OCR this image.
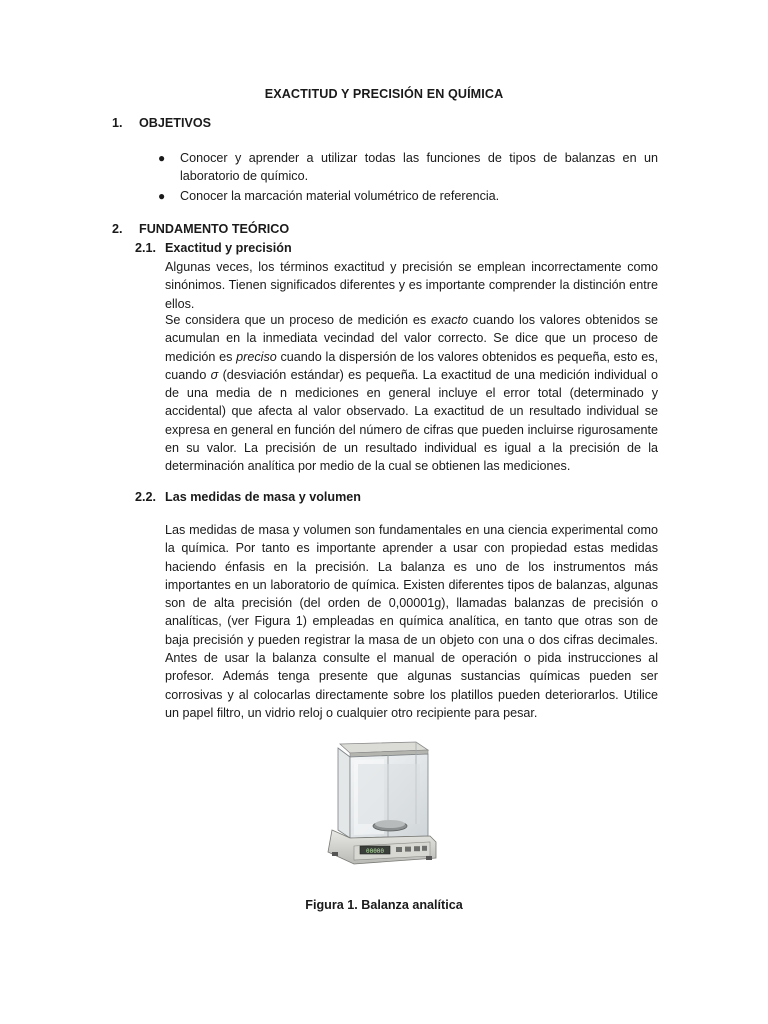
EXACTITUD Y PRECISIÓN EN QUÍMICA
1. OBJETIVOS
● Conocer y aprender a utilizar todas las funciones de tipos de balanzas en un laboratorio de químico.
● Conocer la marcación material volumétrico de referencia.
2. FUNDAMENTO TEÓRICO
2.1. Exactitud y precisión

Algunas veces, los términos exactitud y precisión se emplean incorrectamente como sinónimos. Tienen significados diferentes y es importante comprender la distinción entre ellos.

Se considera que un proceso de medición es exacto cuando los valores obtenidos se acumulan en la inmediata vecindad del valor correcto. Se dice que un proceso de medición es preciso cuando la dispersión de los valores obtenidos es pequeña, esto es, cuando σ (desviación estándar) es pequeña. La exactitud de una medición individual o de una media de n mediciones en general incluye el error total (determinado y accidental) que afecta al valor observado. La exactitud de un resultado individual se expresa en general en función del número de cifras que pueden incluirse rigurosamente en su valor. La precisión de un resultado individual es igual a la precisión de la determinación analítica por medio de la cual se obtienen las mediciones.

2.2. Las medidas de masa y volumen

Las medidas de masa y volumen son fundamentales en una ciencia experimental como la química. Por tanto es importante aprender a usar con propiedad estas medidas haciendo énfasis en la precisión. La balanza es uno de los instrumentos más importantes en un laboratorio de química. Existen diferentes tipos de balanzas, algunas son de alta precisión (del orden de 0,00001g), llamadas balanzas de precisión o analíticas, (ver Figura 1) empleadas en química analítica, en tanto que otras son de baja precisión y pueden registrar la masa de un objeto con una o dos cifras decimales. Antes de usar la balanza consulte el manual de operación o pida instrucciones al profesor. Además tenga presente que algunas sustancias químicas pueden ser corrosivas y al colocarlas directamente sobre los platillos pueden deteriorarlos. Utilice un papel filtro, un vidrio reloj o cualquier otro recipiente para pesar.

00000
Figura 1. Balanza analítica
